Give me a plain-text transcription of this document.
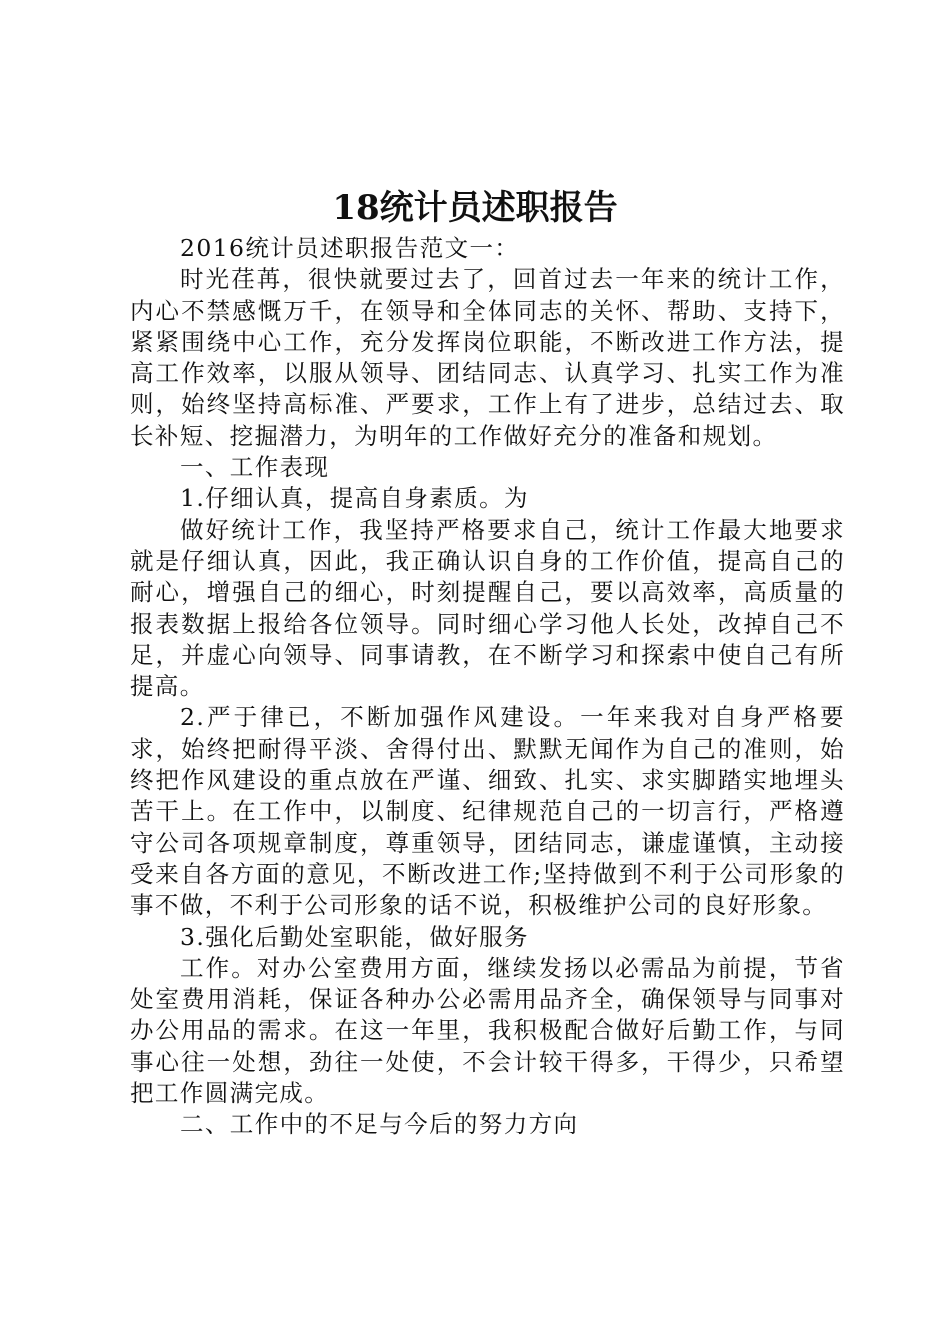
18统计员述职报告

2016统计员述职报告范文一：

时光荏苒，很快就要过去了，回首过去一年来的统计工作，内心不禁感慨万千，在领导和全体同志的关怀、帮助、支持下，紧紧围绕中心工作，充分发挥岗位职能，不断改进工作方法，提高工作效率，以服从领导、团结同志、认真学习、扎实工作为准则，始终坚持高标准、严要求，工作上有了进步，总结过去、取长补短、挖掘潜力，为明年的工作做好充分的准备和规划。

一、工作表现

1.仔细认真，提高自身素质。为

做好统计工作，我坚持严格要求自己，统计工作最大地要求就是仔细认真，因此，我正确认识自身的工作价值，提高自己的耐心，增强自己的细心，时刻提醒自己，要以高效率，高质量的报表数据上报给各位领导。同时细心学习他人长处，改掉自己不足，并虚心向领导、同事请教，在不断学习和探索中使自己有所提高。

2.严于律已，不断加强作风建设。一年来我对自身严格要求，始终把耐得平淡、舍得付出、默默无闻作为自己的准则，始终把作风建设的重点放在严谨、细致、扎实、求实脚踏实地埋头苦干上。在工作中，以制度、纪律规范自己的一切言行，严格遵守公司各项规章制度，尊重领导，团结同志，谦虚谨慎，主动接受来自各方面的意见，不断改进工作;坚持做到不利于公司形象的事不做，不利于公司形象的话不说，积极维护公司的良好形象。

3.强化后勤处室职能，做好服务

工作。对办公室费用方面，继续发扬以必需品为前提，节省处室费用消耗，保证各种办公必需用品齐全，确保领导与同事对办公用品的需求。在这一年里，我积极配合做好后勤工作，与同事心往一处想，劲往一处使，不会计较干得多，干得少，只希望把工作圆满完成。

二、工作中的不足与今后的努力方向
